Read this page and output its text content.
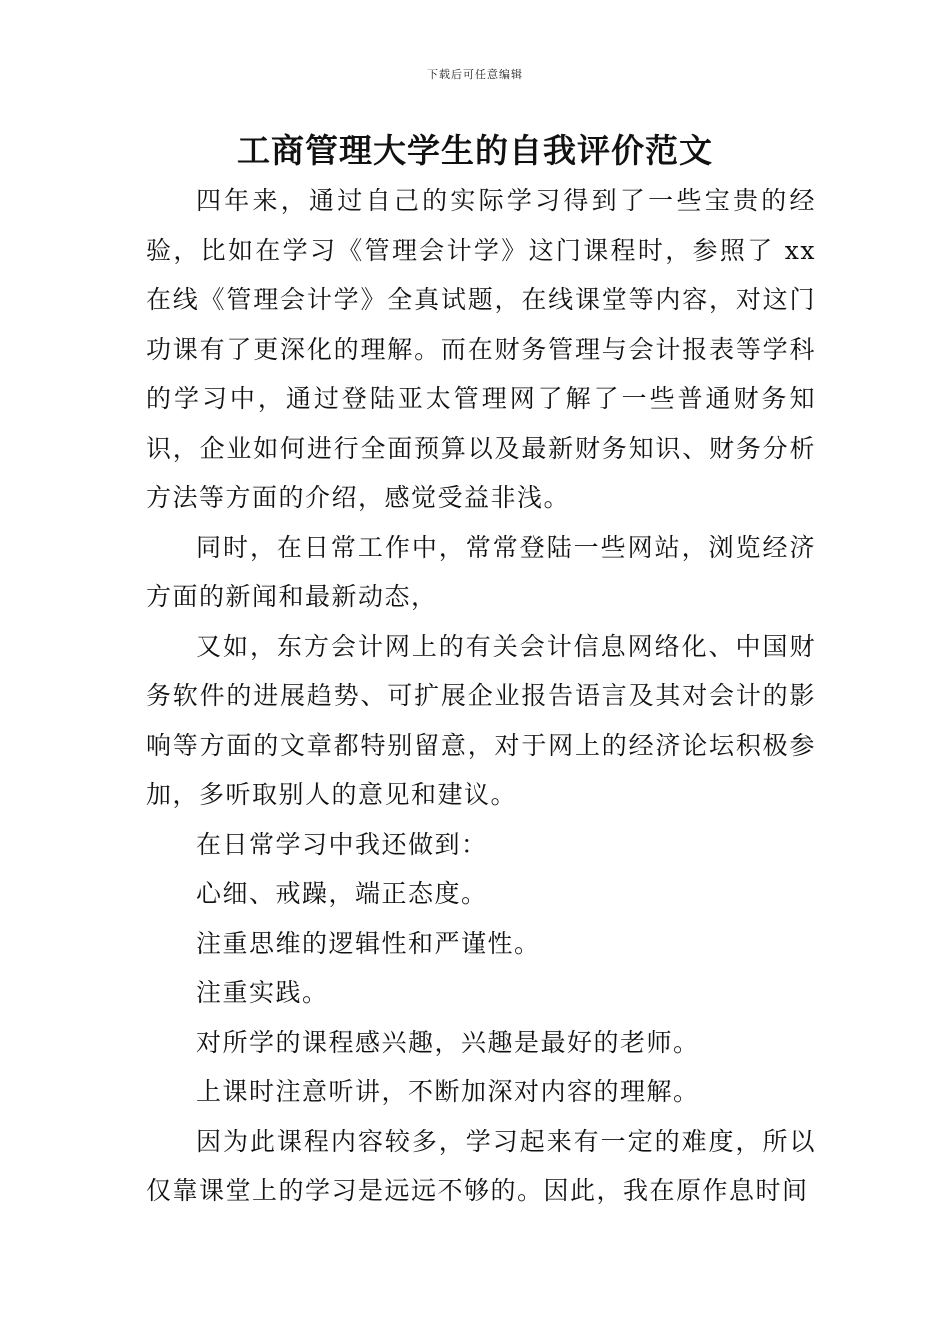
下载后可任意编辑
工商管理大学生的自我评价范文

四年来，通过自己的实际学习得到了一些宝贵的经验，比如在学习《管理会计学》这门课程时，参照了 xx 在线《管理会计学》全真试题，在线课堂等内容，对这门功课有了更深化的理解。而在财务管理与会计报表等学科的学习中，通过登陆亚太管理网了解了一些普通财务知识，企业如何进行全面预算以及最新财务知识、财务分析方法等方面的介绍，感觉受益非浅。

同时，在日常工作中，常常登陆一些网站，浏览经济方面的新闻和最新动态，

又如，东方会计网上的有关会计信息网络化、中国财务软件的进展趋势、可扩展企业报告语言及其对会计的影响等方面的文章都特别留意，对于网上的经济论坛积极参加，多听取别人的意见和建议。

在日常学习中我还做到：

心细、戒躁，端正态度。

注重思维的逻辑性和严谨性。

注重实践。

对所学的课程感兴趣，兴趣是最好的老师。

上课时注意听讲，不断加深对内容的理解。

因为此课程内容较多，学习起来有一定的难度，所以仅靠课堂上的学习是远远不够的。因此，我在原作息时间
